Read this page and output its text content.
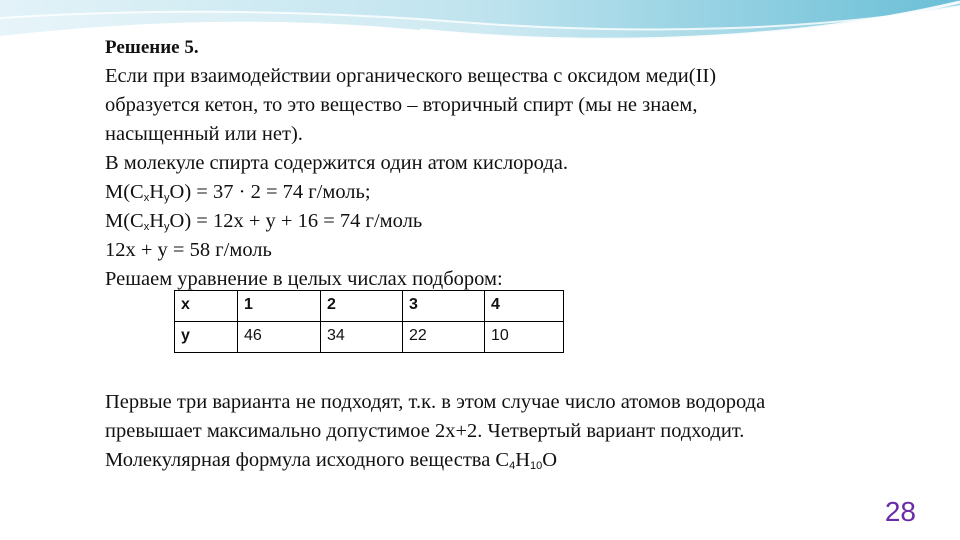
Решение 5.
Если при взаимодействии органического вещества с оксидом меди(II)
образуется кетон, то это вещество – вторичный спирт (мы не знаем,
насыщенный или нет).
В молекуле спирта содержится один атом кислорода.
$M(C_xH_yO) = 37 \cdot 2 = 74$ г/моль;
$M(C_xH_yO) = 12x + y + 16 = 74$ г/моль
12x + y = 58 г/моль
Решаем уравнение в целых числах подбором:
x	1	2	3	4
y	46	34	22	10
Первые три варианта не подходят, т.к. в этом случае число атомов водорода
превышает максимально допустимое 2x+2. Четвертый вариант подходит.
Молекулярная формула исходного вещества $C_4H_{10}O$
28
